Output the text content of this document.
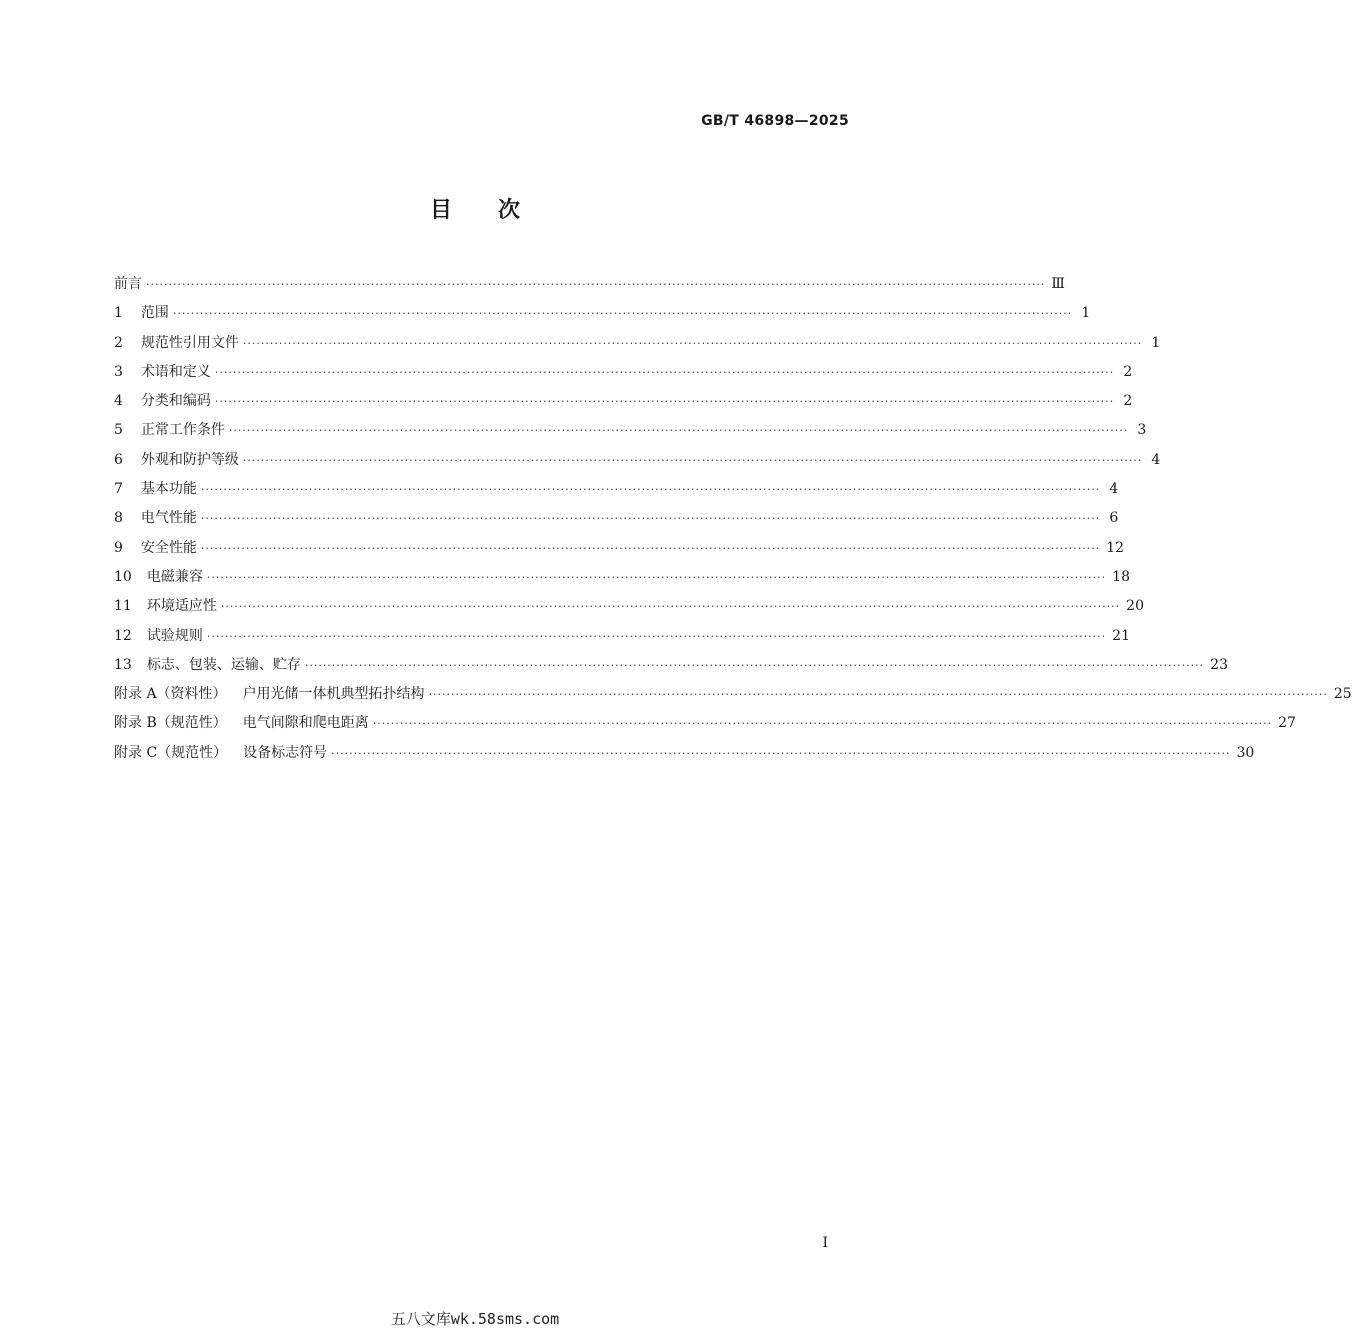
GB/T 46898—2025
目 次
前言 ········································································································································································································ Ⅲ
1 范围 ········································································································································································································ 1
2 规范性引用文件 ········································································································································································································ 1
3 术语和定义 ········································································································································································································ 2
4 分类和编码 ········································································································································································································ 2
5 正常工作条件 ········································································································································································································ 3
6 外观和防护等级 ········································································································································································································ 4
7 基本功能 ········································································································································································································ 4
8 电气性能 ········································································································································································································ 6
9 安全性能 ········································································································································································································ 12
10 电磁兼容 ········································································································································································································ 18
11 环境适应性 ········································································································································································································ 20
12 试验规则 ········································································································································································································ 21
13 标志、包装、运输、贮存 ········································································································································································································ 23
附录 A（资料性） 户用光储一体机典型拓扑结构 ········································································································································································································ 25
附录 B（规范性） 电气间隙和爬电距离 ········································································································································································································ 27
附录 C（规范性） 设备标志符号 ········································································································································································································ 30
I
五八文库wk.58sms.com
